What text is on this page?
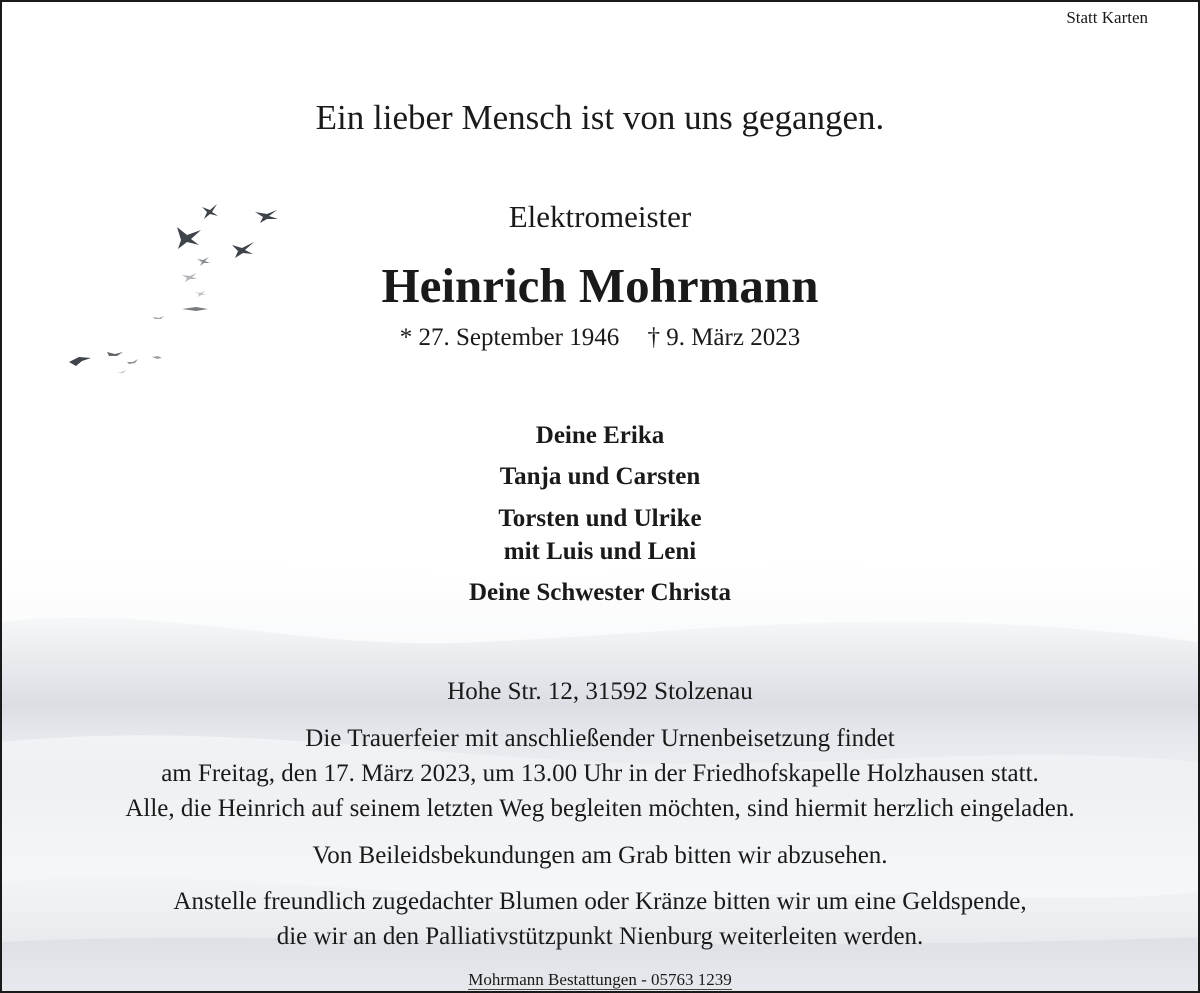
Statt Karten
Ein lieber Mensch ist von uns gegangen.
Elektromeister
Heinrich Mohrmann
* 27. September 1946 † 9. März 2023
Deine Erika
Tanja und Carsten
Torsten und Ulrike
mit Luis und Leni
Deine Schwester Christa
Hohe Str. 12, 31592 Stolzenau
Die Trauerfeier mit anschließender Urnenbeisetzung findet
am Freitag, den 17. März 2023, um 13.00 Uhr in der Friedhofskapelle Holzhausen statt.
Alle, die Heinrich auf seinem letzten Weg begleiten möchten, sind hiermit herzlich eingeladen.
Von Beileidsbekundungen am Grab bitten wir abzusehen.
Anstelle freundlich zugedachter Blumen oder Kränze bitten wir um eine Geldspende,
die wir an den Palliativstützpunkt Nienburg weiterleiten werden.
Mohrmann Bestattungen - 05763 1239
